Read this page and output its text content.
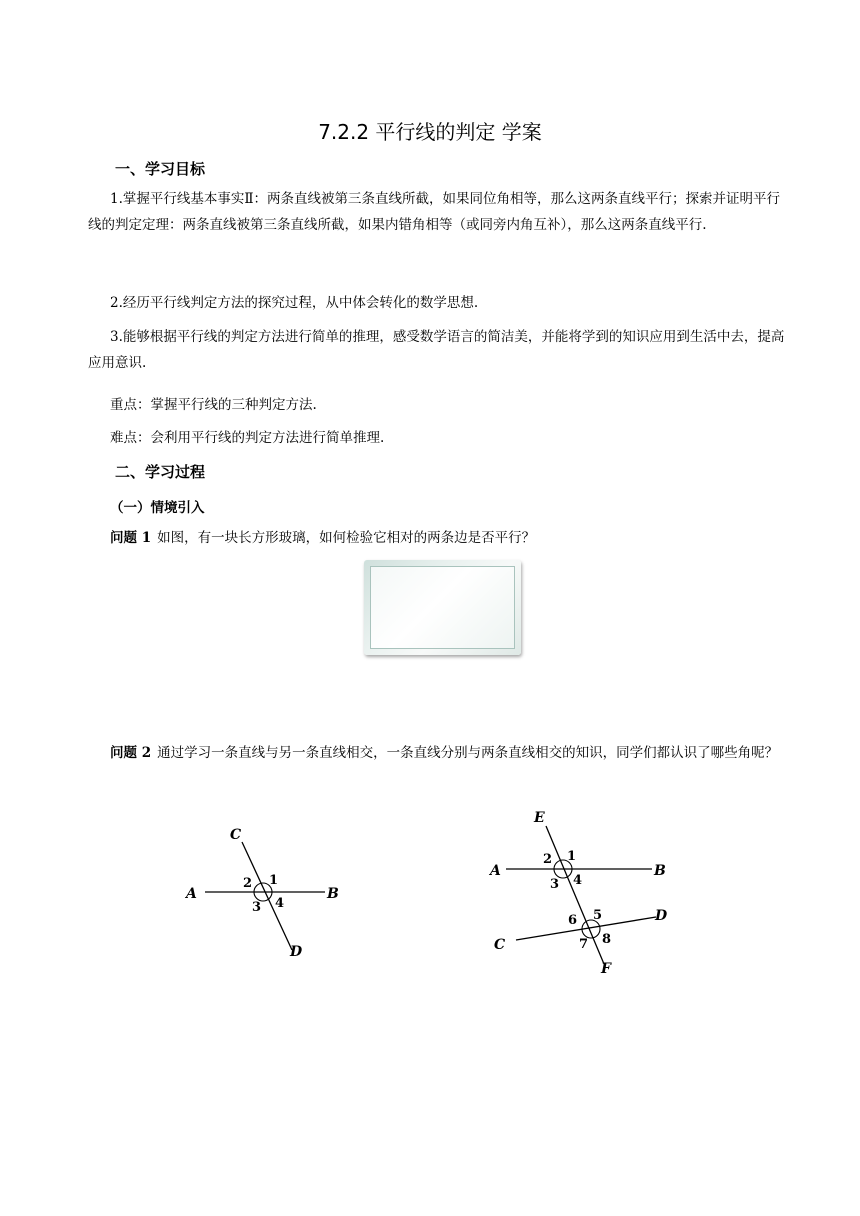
7.2.2 平行线的判定 学案
一、学习目标

1.掌握平行线基本事实Ⅱ：两条直线被第三条直线所截，如果同位角相等，那么这两条直线平行；探索并证明平行线的判定定理：两条直线被第三条直线所截，如果内错角相等（或同旁内角互补），那么这两条直线平行.

2.经历平行线判定方法的探究过程，从中体会转化的数学思想.

3.能够根据平行线的判定方法进行简单的推理，感受数学语言的简洁美，并能将学到的知识应用到生活中去，提高应用意识.

重点：掌握平行线的三种判定方法.
难点：会利用平行线的判定方法进行简单推理.
二、学习过程
（一）情境引入
问题 1 如图，有一块长方形玻璃，如何检验它相对的两条边是否平行？

问题 2 通过学习一条直线与另一条直线相交，一条直线分别与两条直线相交的知识，同学们都认识了哪些角呢？

C
A	B
D
1
2
3 4
E
A	B
D
C
F
1
2
3 4
5
6
7 8
